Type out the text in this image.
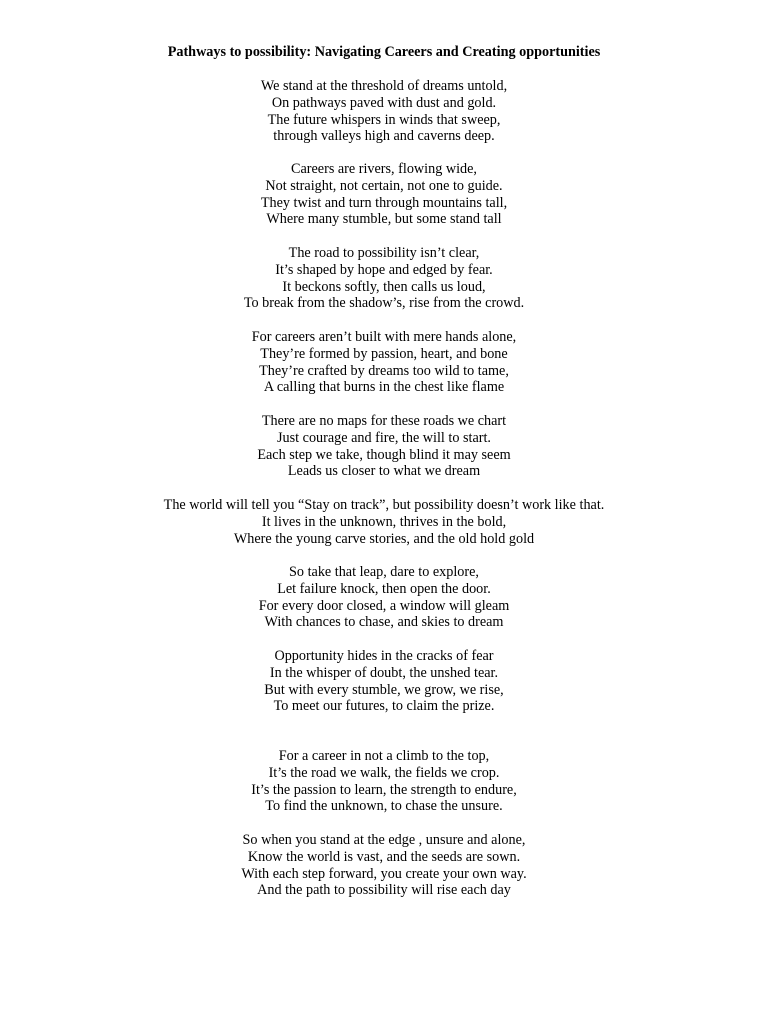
Pathways to possibility: Navigating Careers and Creating opportunities
We stand at the threshold of dreams untold,
On pathways paved with dust and gold.
The future whispers in winds that sweep,
through valleys high and caverns deep.
Careers are rivers, flowing wide,
Not straight, not certain, not one to guide.
They twist and turn through mountains tall,
Where many stumble, but some stand tall
The road to possibility isn’t clear,
It’s shaped by hope and edged by fear.
It beckons softly, then calls us loud,
To break from the shadow’s, rise from the crowd.
For careers aren’t built with mere hands alone,
They’re formed by passion, heart, and bone
They’re crafted by dreams too wild to tame,
A calling that burns in the chest like flame
There are no maps for these roads we chart
Just courage and fire, the will to start.
Each step we take, though blind it may seem
Leads us closer to what we dream
The world will tell you “Stay on track”, but possibility doesn’t work like that.
It lives in the unknown, thrives in the bold,
Where the young carve stories, and the old hold gold
So take that leap, dare to explore,
Let failure knock, then open the door.
For every door closed, a window will gleam
With chances to chase, and skies to dream
Opportunity hides in the cracks of fear
In the whisper of doubt, the unshed tear.
But with every stumble, we grow, we rise,
To meet our futures, to claim the prize.
For a career in not a climb to the top,
It’s the road we walk, the fields we crop.
It’s the passion to learn, the strength to endure,
To find the unknown, to chase the unsure.
So when you stand at the edge , unsure and alone,
Know the world is vast, and the seeds are sown.
With each step forward, you create your own way.
And the path to possibility will rise each day
